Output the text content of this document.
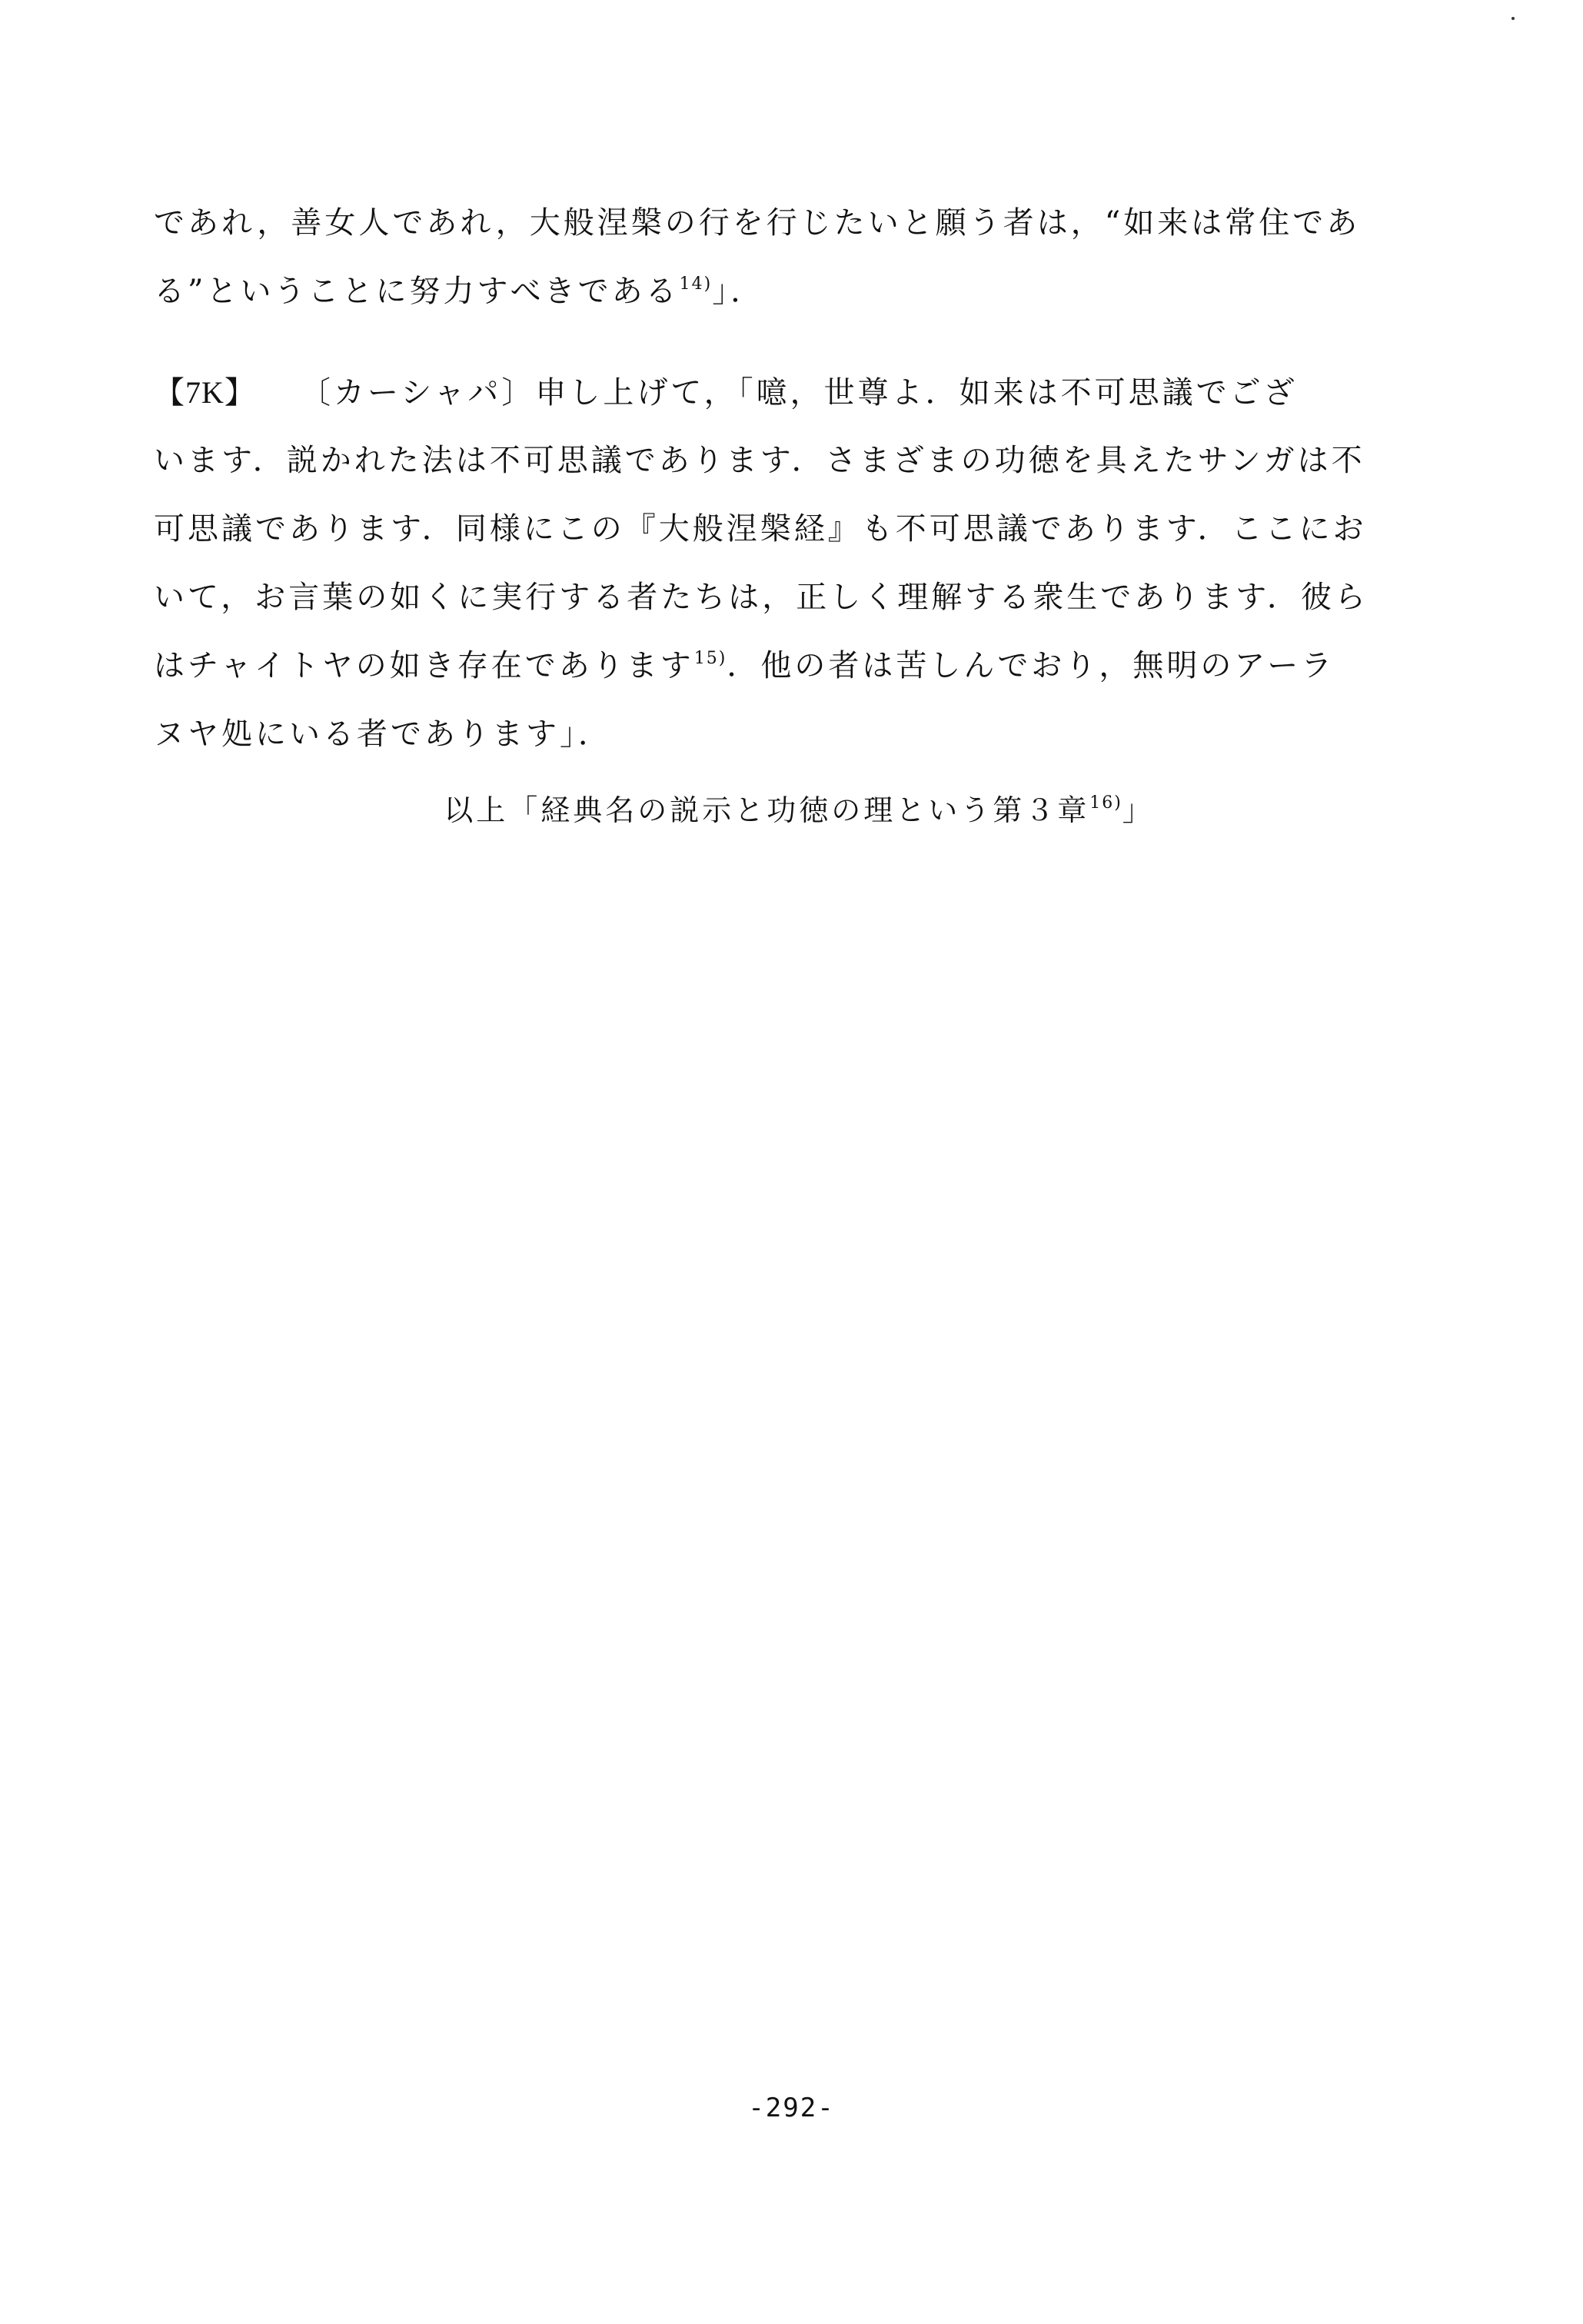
であれ，善女人であれ，大般涅槃の行を行じたいと願う者は，“如来は常住であ
る”ということに努力すべきである$^{14)}$」．
【7K】 〔カーシャパ〕申し上げて，「噫，世尊よ．如来は不可思議でござ
います．説かれた法は不可思議であります．さまざまの功徳を具えたサンガは不
可思議であります．同様にこの『大般涅槃経』も不可思議であります．ここにお
いて，お言葉の如くに実行する者たちは，正しく理解する衆生であります．彼ら
はチャイトヤの如き存在であります$^{15)}$．他の者は苦しんでおり，無明のアーラ
ヌヤ処にいる者であります」．
以上「経典名の説示と功徳の理という第３章$^{16)}$」
-292-
